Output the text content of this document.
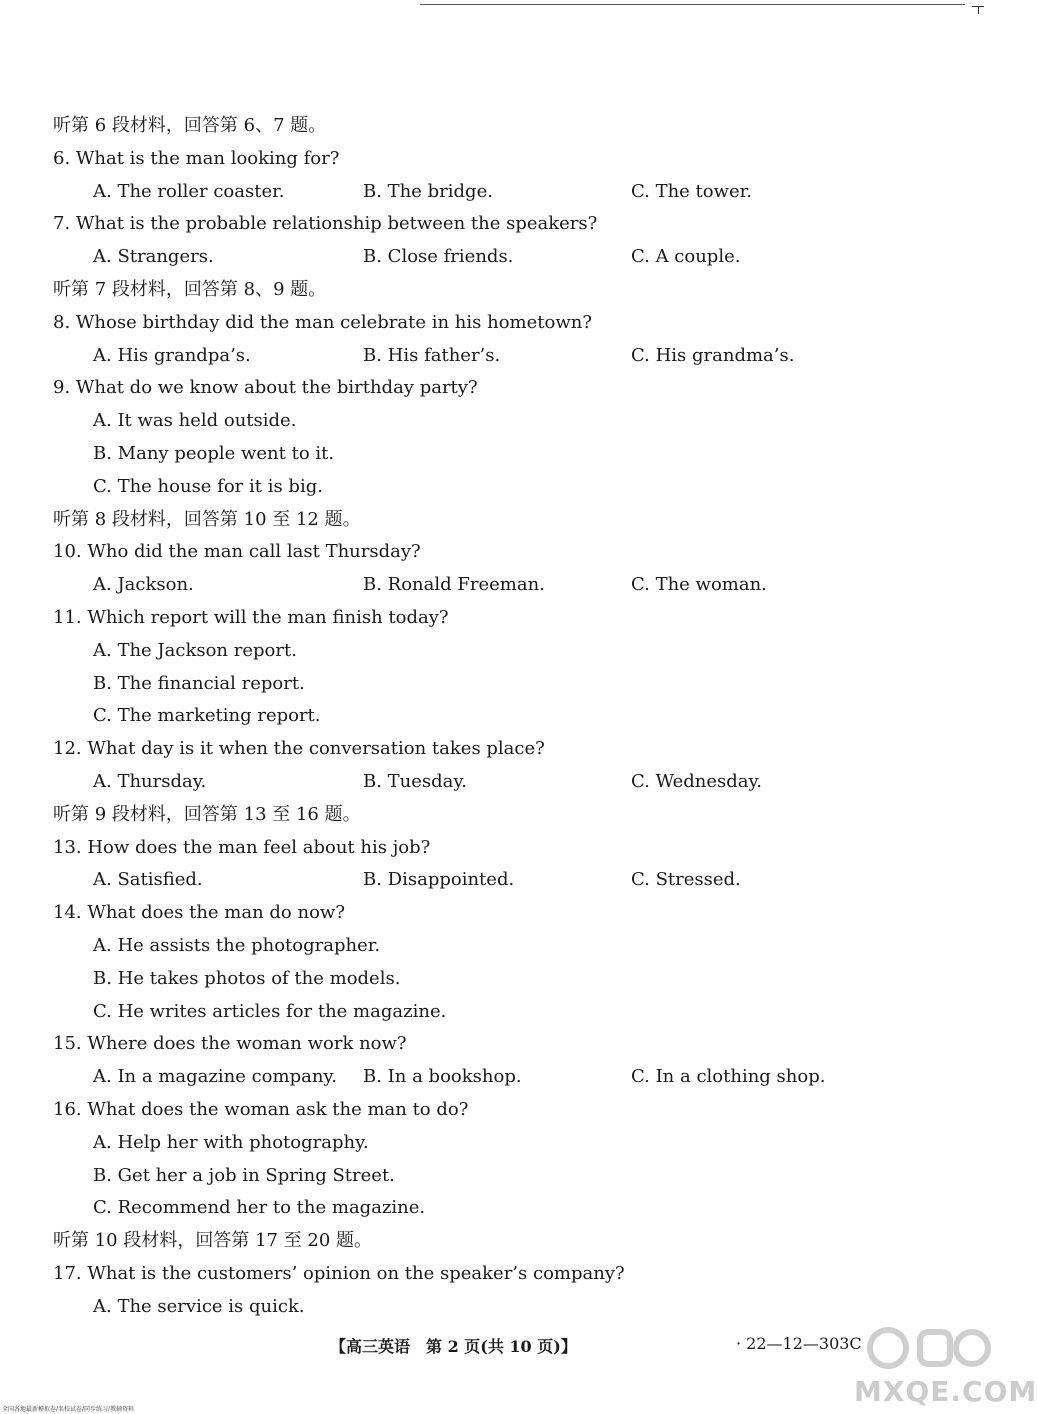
听第 6 段材料，回答第 6、7 题。
6. What is the man looking for?
A. The roller coaster.	B. The bridge.	C. The tower.
7. What is the probable relationship between the speakers?
A. Strangers.	B. Close friends.	C. A couple.
听第 7 段材料，回答第 8、9 题。
8. Whose birthday did the man celebrate in his hometown?
A. His grandpa’s.	B. His father’s.	C. His grandma’s.
9. What do we know about the birthday party?
A. It was held outside.
B. Many people went to it.
C. The house for it is big.
听第 8 段材料，回答第 10 至 12 题。
10. Who did the man call last Thursday?
A. Jackson.	B. Ronald Freeman.	C. The woman.
11. Which report will the man finish today?
A. The Jackson report.
B. The financial report.
C. The marketing report.
12. What day is it when the conversation takes place?
A. Thursday.	B. Tuesday.	C. Wednesday.
听第 9 段材料，回答第 13 至 16 题。
13. How does the man feel about his job?
A. Satisfied.	B. Disappointed.	C. Stressed.
14. What does the man do now?
A. He assists the photographer.
B. He takes photos of the models.
C. He writes articles for the magazine.
15. Where does the woman work now?
A. In a magazine company. B. In a bookshop.	C. In a clothing shop.
16. What does the woman ask the man to do?
A. Help her with photography.
B. Get her a job in Spring Street.
C. Recommend her to the magazine.
听第 10 段材料，回答第 17 至 20 题。
17. What is the customers’ opinion on the speaker’s company?
A. The service is quick.
【高三英语　第 2 页(共 10 页)】	· 22—12—303C ·
MXQE.COM
全国各地最新模拟卷/名校试卷/同步练习/教辅资料
